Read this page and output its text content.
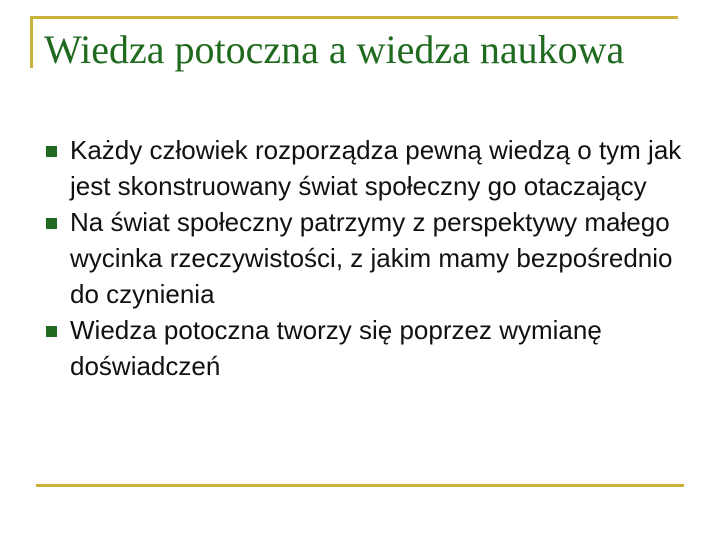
Wiedza potoczna a wiedza naukowa
Każdy człowiek rozporządza pewną wiedzą o tym jak jest skonstruowany świat społeczny go otaczający
Na świat społeczny patrzymy z perspektywy małego wycinka rzeczywistości, z jakim mamy bezpośrednio do czynienia
Wiedza potoczna tworzy się poprzez wymianę doświadczeń
